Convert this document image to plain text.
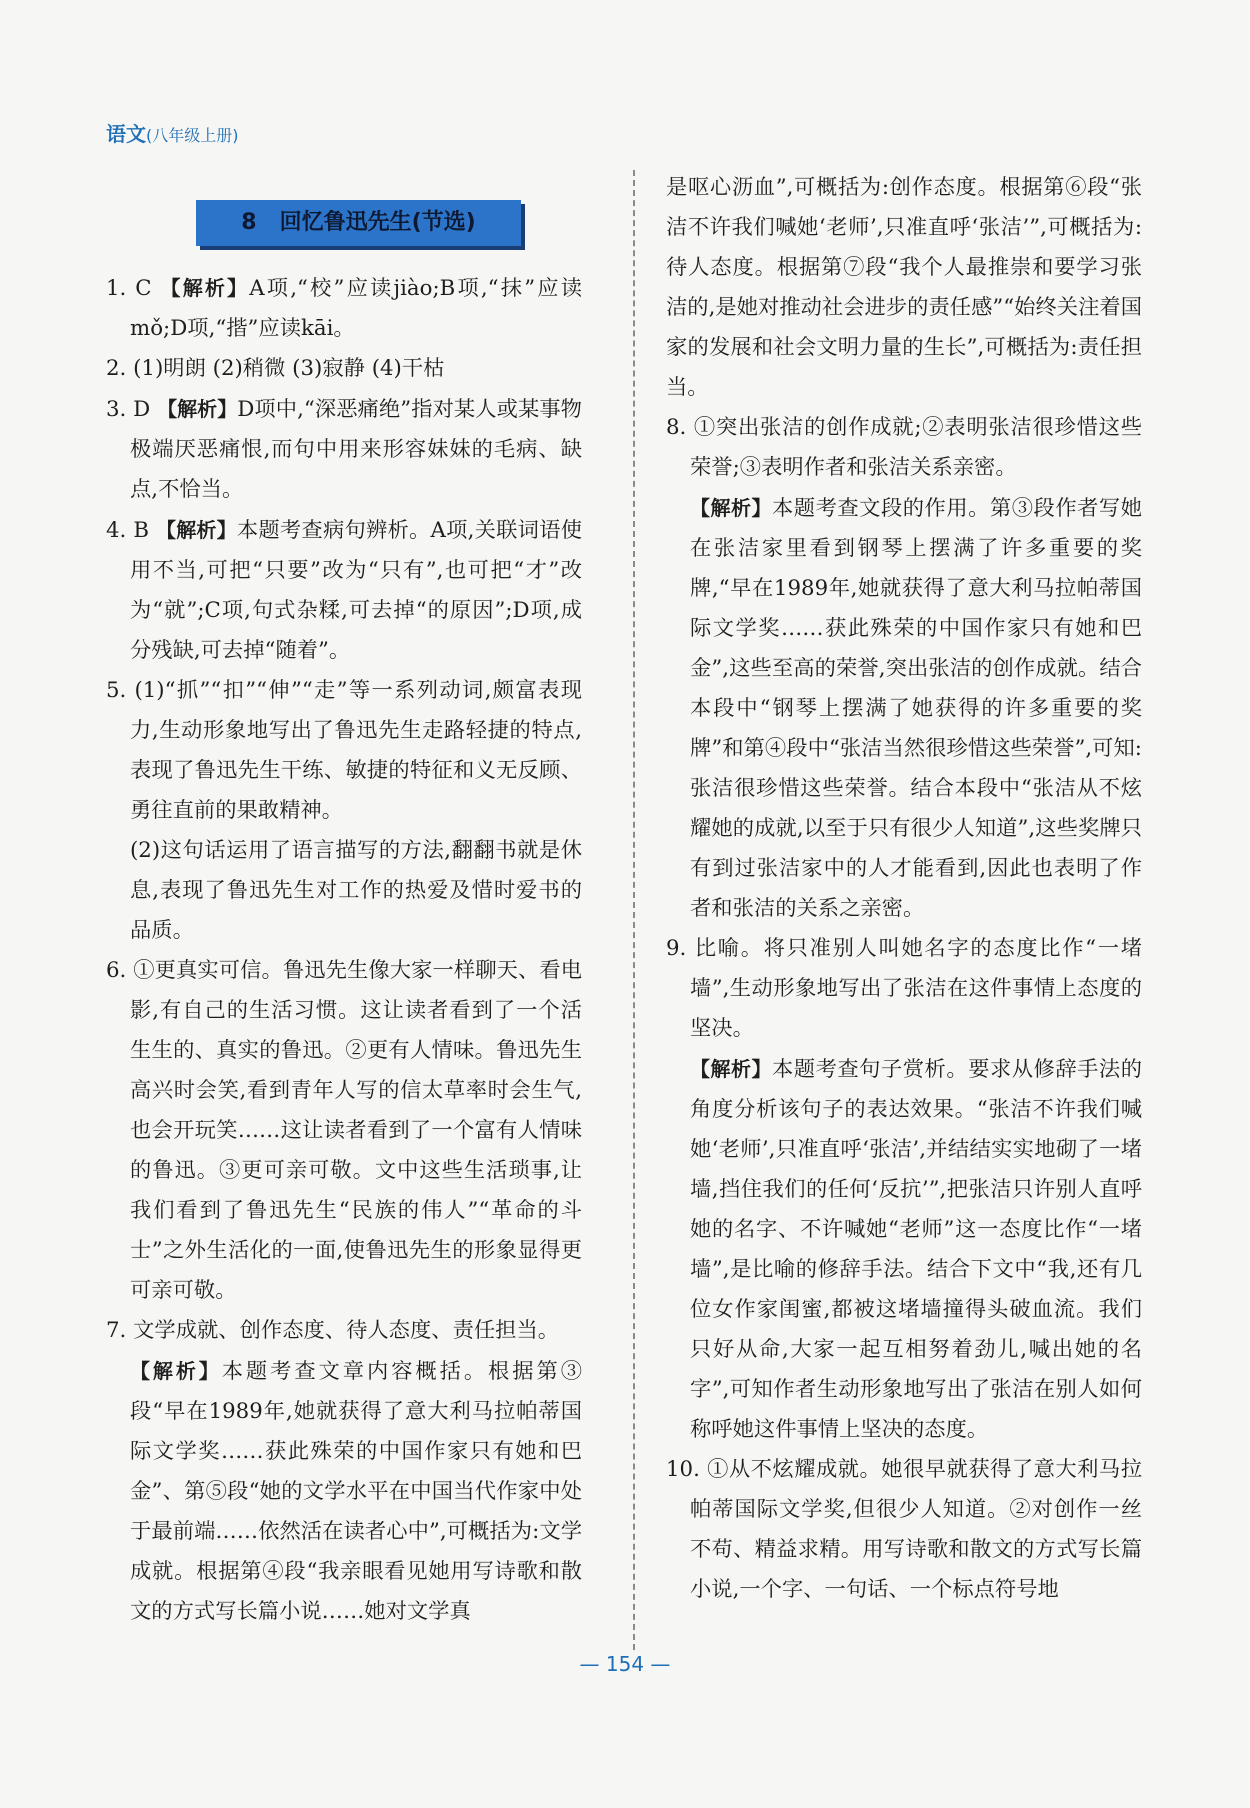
语文(八年级上册)
8 回忆鲁迅先生(节选)
1. C 【解析】A项,“校”应读jiào;B项,“抹”应读mǒ;D项,“揩”应读kāi。
2. (1)明朗 (2)稍微 (3)寂静 (4)干枯
3. D 【解析】D项中,“深恶痛绝”指对某人或某事物极端厌恶痛恨,而句中用来形容妹妹的毛病、缺点,不恰当。
4. B 【解析】本题考查病句辨析。A项,关联词语使用不当,可把“只要”改为“只有”,也可把“才”改为“就”;C项,句式杂糅,可去掉“的原因”;D项,成分残缺,可去掉“随着”。
5. (1)“抓”“扣”“伸”“走”等一系列动词,颇富表现力,生动形象地写出了鲁迅先生走路轻捷的特点,表现了鲁迅先生干练、敏捷的特征和义无反顾、勇往直前的果敢精神。
(2)这句话运用了语言描写的方法,翻翻书就是休息,表现了鲁迅先生对工作的热爱及惜时爱书的品质。
6. ①更真实可信。鲁迅先生像大家一样聊天、看电影,有自己的生活习惯。这让读者看到了一个活生生的、真实的鲁迅。②更有人情味。鲁迅先生高兴时会笑,看到青年人写的信太草率时会生气,也会开玩笑……这让读者看到了一个富有人情味的鲁迅。③更可亲可敬。文中这些生活琐事,让我们看到了鲁迅先生“民族的伟人”“革命的斗士”之外生活化的一面,使鲁迅先生的形象显得更可亲可敬。
7. 文学成就、创作态度、待人态度、责任担当。
【解析】本题考查文章内容概括。根据第③段“早在1989年,她就获得了意大利马拉帕蒂国际文学奖……获此殊荣的中国作家只有她和巴金”、第⑤段“她的文学水平在中国当代作家中处于最前端……依然活在读者心中”,可概括为:文学成就。根据第④段“我亲眼看见她用写诗歌和散文的方式写长篇小说……她对文学真
是呕心沥血”,可概括为:创作态度。根据第⑥段“张洁不许我们喊她‘老师’,只准直呼‘张洁’”,可概括为:待人态度。根据第⑦段“我个人最推崇和要学习张洁的,是她对推动社会进步的责任感”“始终关注着国家的发展和社会文明力量的生长”,可概括为:责任担当。
8. ①突出张洁的创作成就;②表明张洁很珍惜这些荣誉;③表明作者和张洁关系亲密。
【解析】本题考查文段的作用。第③段作者写她在张洁家里看到钢琴上摆满了许多重要的奖牌,“早在1989年,她就获得了意大利马拉帕蒂国际文学奖……获此殊荣的中国作家只有她和巴金”,这些至高的荣誉,突出张洁的创作成就。结合本段中“钢琴上摆满了她获得的许多重要的奖牌”和第④段中“张洁当然很珍惜这些荣誉”,可知:张洁很珍惜这些荣誉。结合本段中“张洁从不炫耀她的成就,以至于只有很少人知道”,这些奖牌只有到过张洁家中的人才能看到,因此也表明了作者和张洁的关系之亲密。
9. 比喻。将只准别人叫她名字的态度比作“一堵墙”,生动形象地写出了张洁在这件事情上态度的坚决。
【解析】本题考查句子赏析。要求从修辞手法的角度分析该句子的表达效果。“张洁不许我们喊她‘老师’,只准直呼‘张洁’,并结结实实地砌了一堵墙,挡住我们的任何‘反抗’”,把张洁只许别人直呼她的名字、不许喊她“老师”这一态度比作“一堵墙”,是比喻的修辞手法。结合下文中“我,还有几位女作家闺蜜,都被这堵墙撞得头破血流。我们只好从命,大家一起互相努着劲儿,喊出她的名字”,可知作者生动形象地写出了张洁在别人如何称呼她这件事情上坚决的态度。
10. ①从不炫耀成就。她很早就获得了意大利马拉帕蒂国际文学奖,但很少人知道。②对创作一丝不苟、精益求精。用写诗歌和散文的方式写长篇小说,一个字、一句话、一个标点符号地
— 154 —
